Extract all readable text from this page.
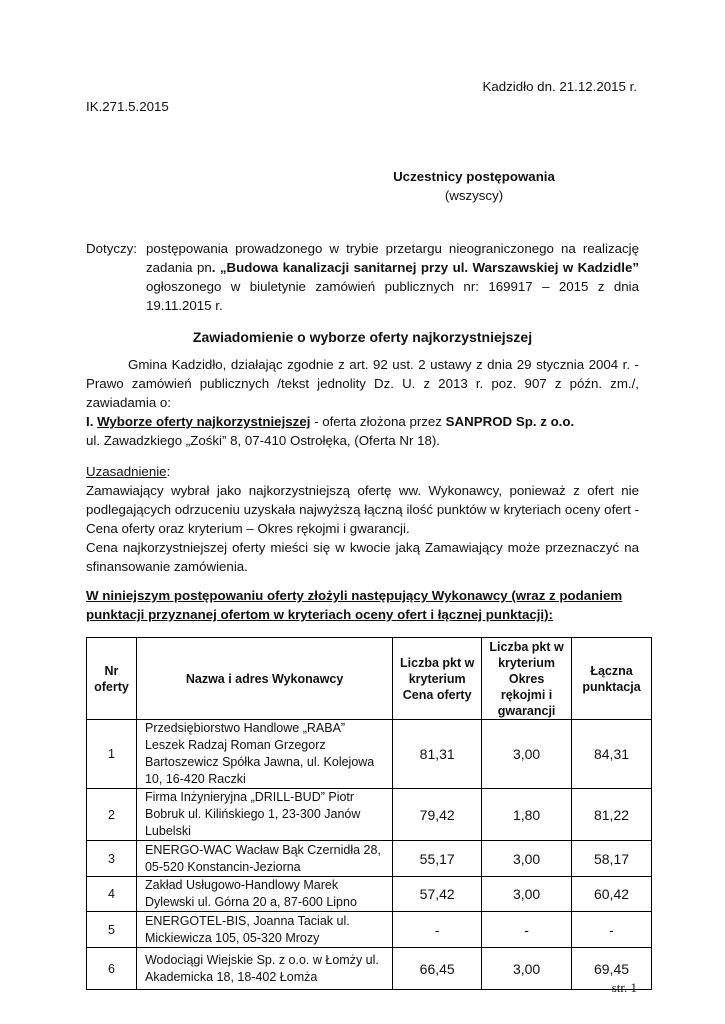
Kadzidło dn. 21.12.2015 r.
IK.271.5.2015
Uczestnicy postępowania
(wszyscy)
Dotyczy: postępowania prowadzonego w trybie przetargu nieograniczonego na realizację zadania pn. „Budowa kanalizacji sanitarnej przy ul. Warszawskiej w Kadzidle” ogłoszonego w biuletynie zamówień publicznych nr: 169917 – 2015 z dnia 19.11.2015 r.
Zawiadomienie o wyborze oferty najkorzystniejszej
Gmina Kadzidło, działając zgodnie z art. 92 ust. 2 ustawy z dnia 29 stycznia 2004 r. - Prawo zamówień publicznych /tekst jednolity Dz. U. z 2013 r. poz. 907 z późn. zm./, zawiadamia o:
I. Wyborze oferty najkorzystniejszej - oferta złożona przez SANPROD Sp. z o.o.
ul. Zawadzkiego „Zośki” 8, 07-410 Ostrołęka, (Oferta Nr 18).
Uzasadnienie:
Zamawiający wybrał jako najkorzystniejszą ofertę ww. Wykonawcy, ponieważ z ofert nie podlegających odrzuceniu uzyskała najwyższą łączną ilość punktów w kryteriach oceny ofert - Cena oferty oraz kryterium – Okres rękojmi i gwarancji.
Cena najkorzystniejszej oferty mieści się w kwocie jaką Zamawiający może przeznaczyć na sfinansowanie zamówienia.
W niniejszym postępowaniu oferty złożyli następujący Wykonawcy (wraz z podaniem punktacji przyznanej ofertom w kryteriach oceny ofert i łącznej punktacji):
Nr oferty	Nazwa i adres Wykonawcy	Liczba pkt w kryterium Cena oferty	Liczba pkt w kryterium Okres rękojmi i gwarancji	Łączna punktacja
1	Przedsiębiorstwo Handlowe „RABA” Leszek Radzaj Roman Grzegorz Bartoszewicz Spółka Jawna, ul. Kolejowa 10, 16-420 Raczki	81,31	3,00	84,31
2	Firma Inżynieryjna „DRILL-BUD” Piotr Bobruk ul. Kilińskiego 1, 23-300 Janów Lubelski	79,42	1,80	81,22
3	ENERGO-WAC Wacław Bąk Czernidła 28, 05-520 Konstancin-Jeziorna	55,17	3,00	58,17
4	Zakład Usługowo-Handlowy Marek Dylewski ul. Górna 20 a, 87-600 Lipno	57,42	3,00	60,42
5	ENERGOTEL-BIS, Joanna Taciak ul. Mickiewicza 105, 05-320 Mrozy	-	-	-
6	Wodociągi Wiejskie Sp. z o.o. w Łomży ul. Akademicka 18, 18-402 Łomża	66,45	3,00	69,45
str. 1
